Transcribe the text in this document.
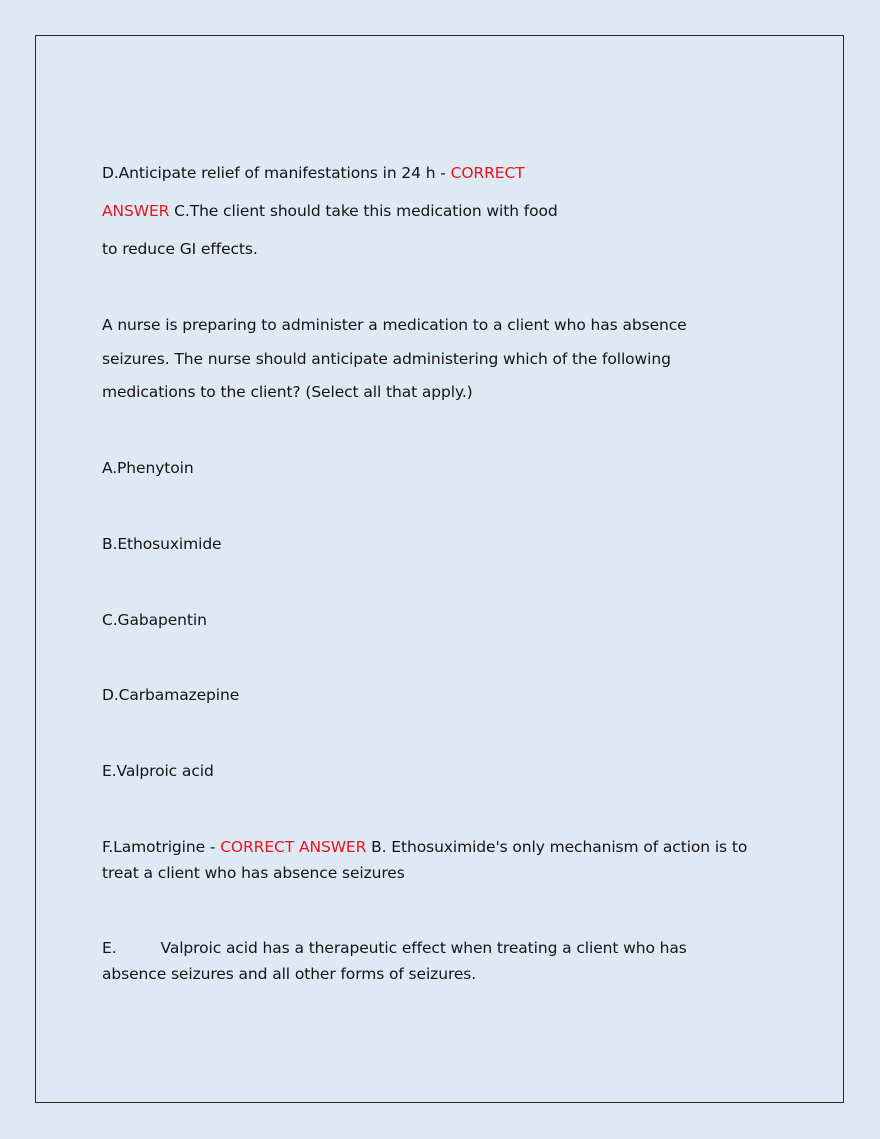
D.Anticipate relief of manifestations in 24 h - CORRECT
ANSWER C.The client should take this medication with food
to reduce GI effects.
A nurse is preparing to administer a medication to a client who has absence
seizures. The nurse should anticipate administering which of the following
medications to the client? (Select all that apply.)
A.Phenytoin
B.Ethosuximide
C.Gabapentin
D.Carbamazepine
E.Valproic acid
F.Lamotrigine - CORRECT ANSWER B. Ethosuximide's only mechanism of action is to treat a client who has absence seizures
E.	Valproic acid has a therapeutic effect when treating a client who has absence seizures and all other forms of seizures.
